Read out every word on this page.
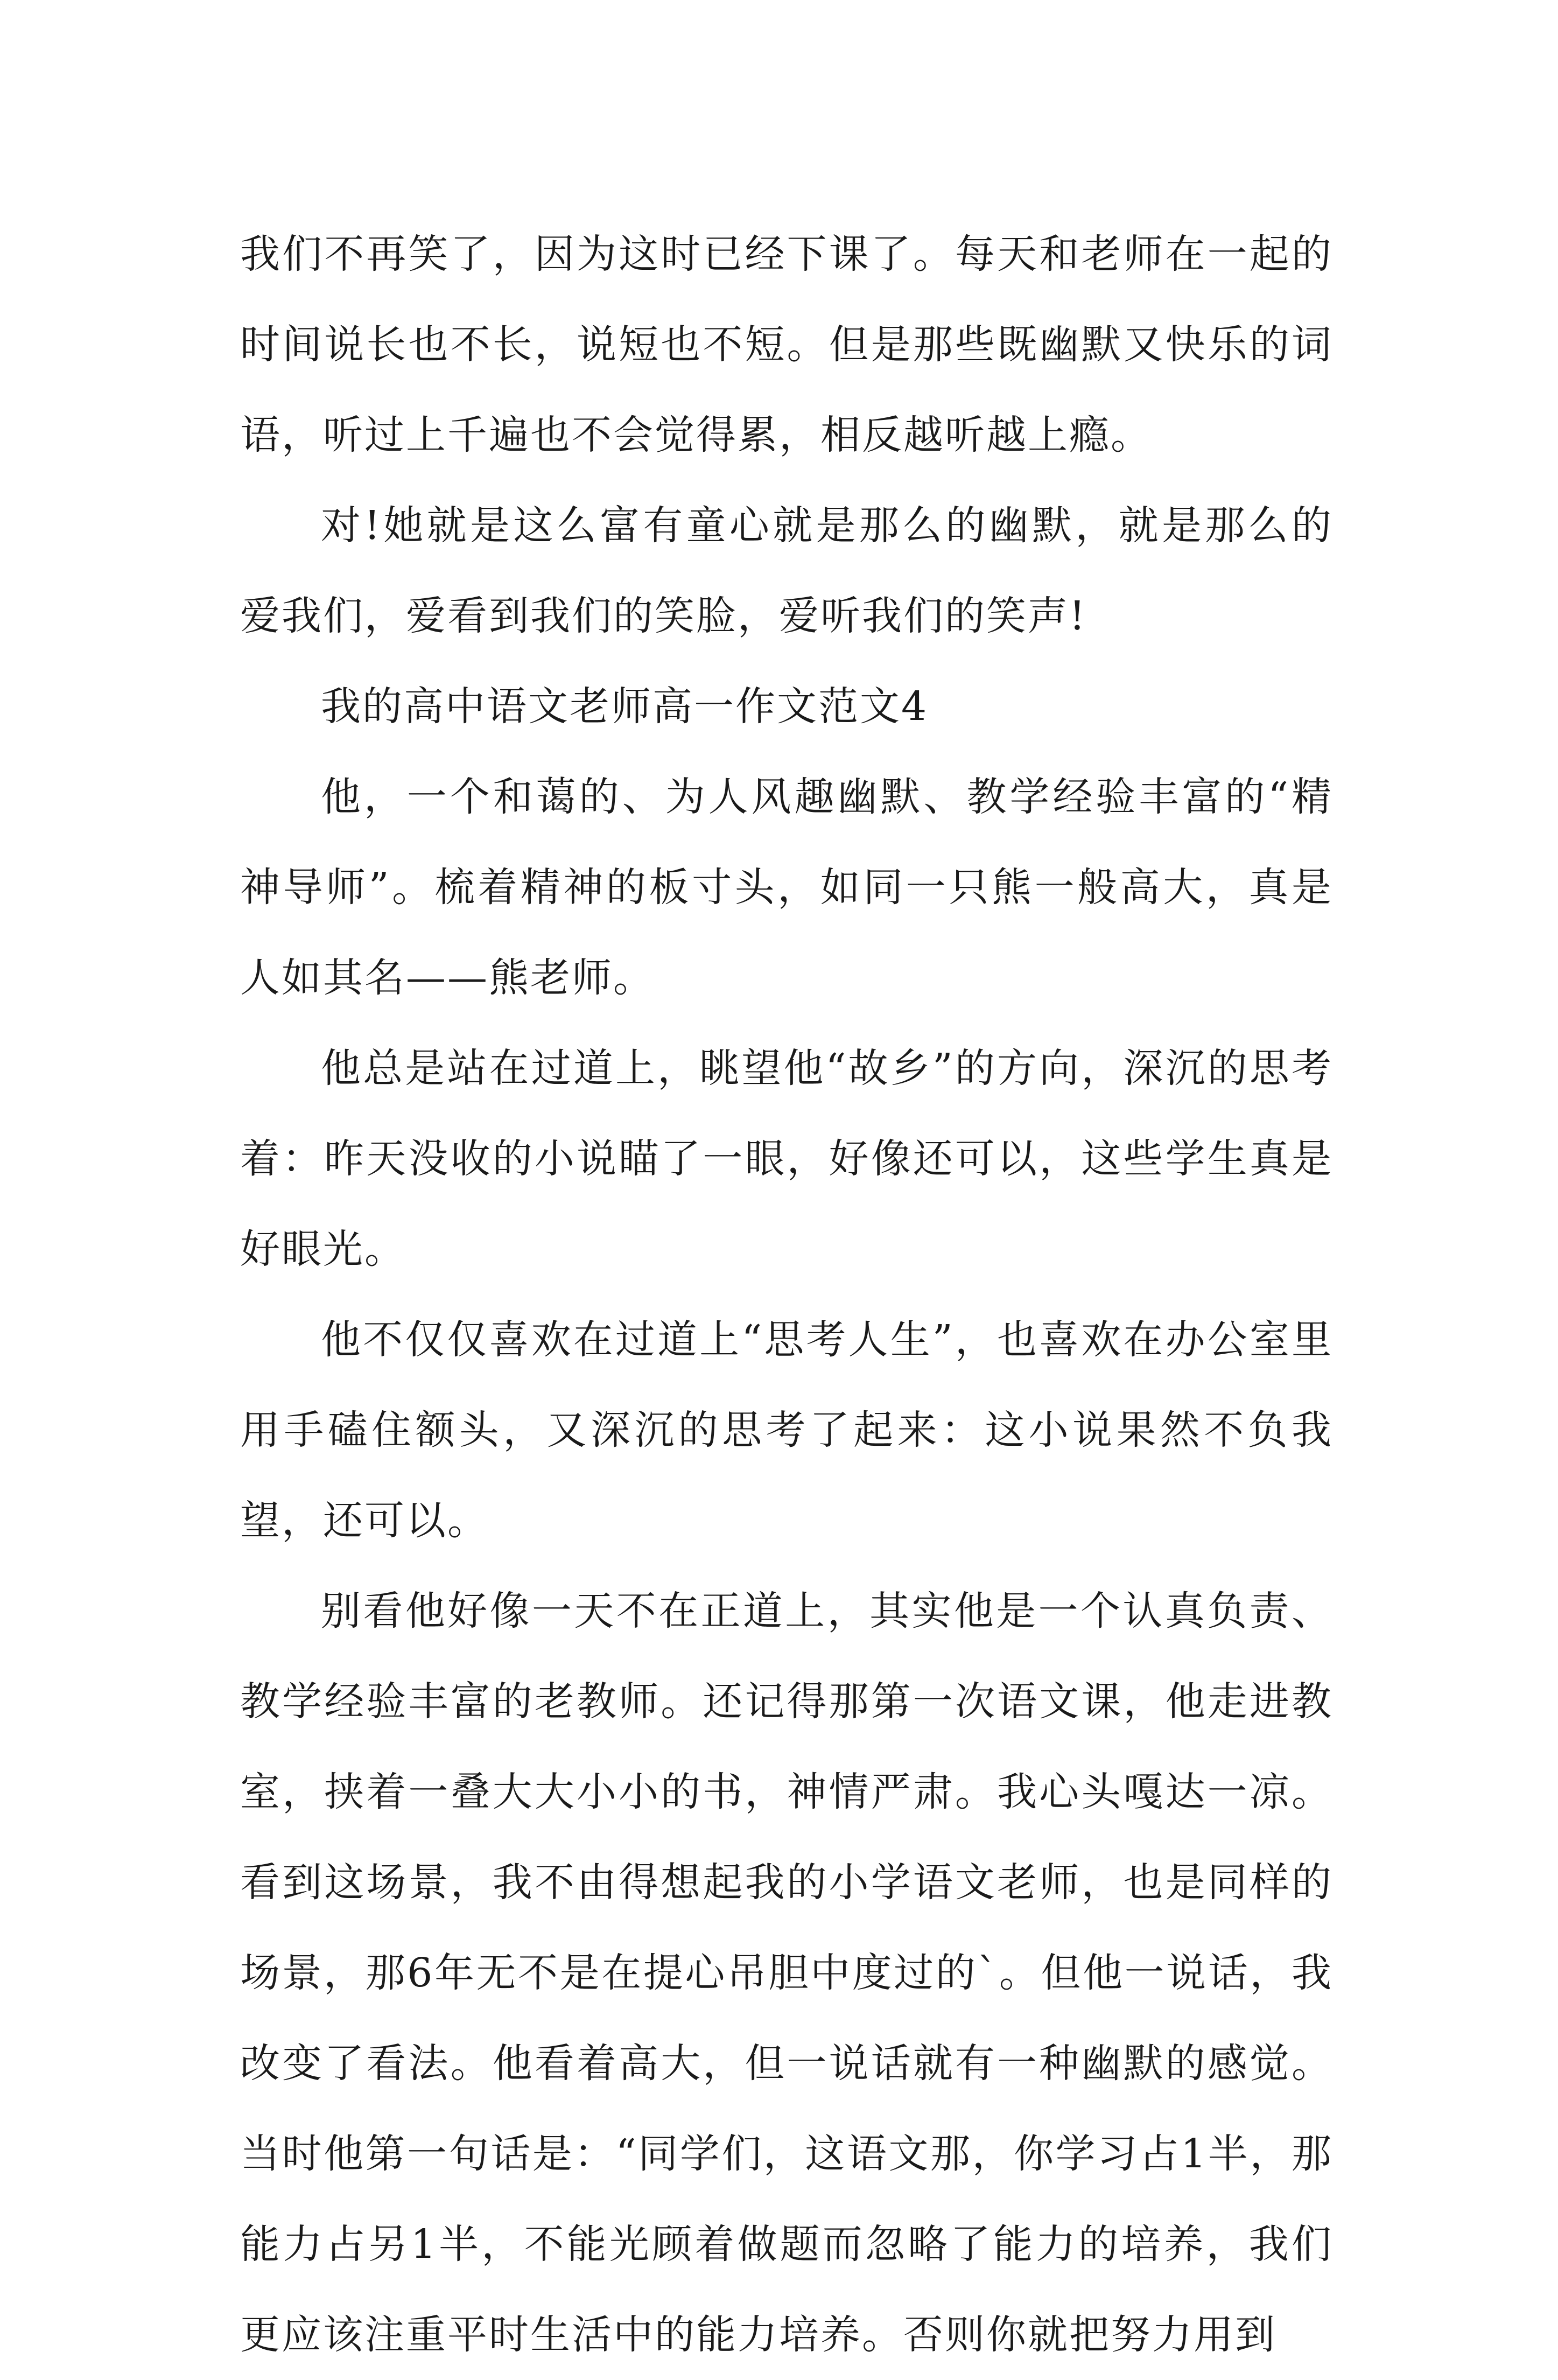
我们不再笑了，因为这时已经下课了。每天和老师在一起的时间说长也不长，说短也不短。但是那些既幽默又快乐的词语，听过上千遍也不会觉得累，相反越听越上瘾。

对!她就是这么富有童心就是那么的幽默，就是那么的爱我们，爱看到我们的笑脸，爱听我们的笑声!

我的高中语文老师高一作文范文4

他，一个和蔼的、为人风趣幽默、教学经验丰富的“精神导师”。梳着精神的板寸头，如同一只熊一般高大，真是人如其名——熊老师。

他总是站在过道上，眺望他“故乡”的方向，深沉的思考着：昨天没收的小说瞄了一眼，好像还可以，这些学生真是好眼光。

他不仅仅喜欢在过道上“思考人生”，也喜欢在办公室里用手磕住额头，又深沉的思考了起来：这小说果然不负我望，还可以。

别看他好像一天不在正道上，其实他是一个认真负责、教学经验丰富的老教师。还记得那第一次语文课，他走进教室，挟着一叠大大小小的书，神情严肃。我心头嘎达一凉。看到这场景，我不由得想起我的小学语文老师，也是同样的场景，那6年无不是在提心吊胆中度过的`。但他一说话，我改变了看法。他看着高大，但一说话就有一种幽默的感觉。当时他第一句话是：“同学们，这语文那，你学习占1半，那能力占另1半，不能光顾着做题而忽略了能力的培养，我们更应该注重平时生活中的能力培养。否则你就把努力用到
